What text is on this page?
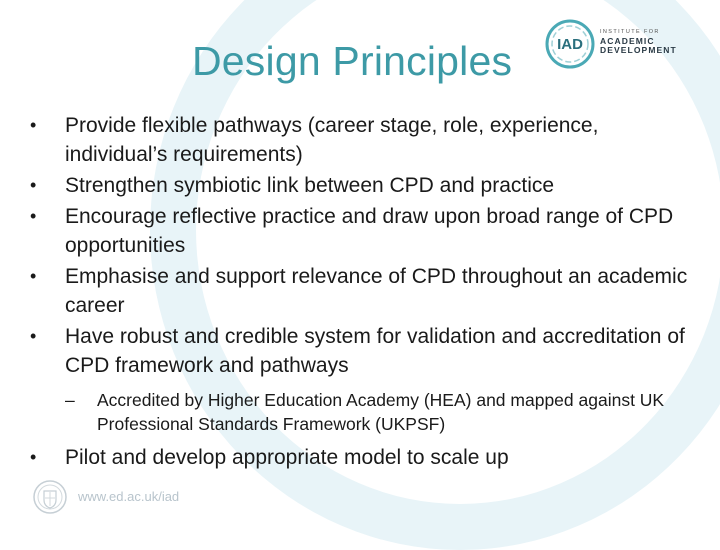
Design Principles	IAD
INSTITUTE FOR
ACADEMIC
DEVELOPMENT
• Provide flexible pathways (career stage, role, experience, individual’s requirements)
• Strengthen symbiotic link between CPD and practice
• Encourage reflective practice and draw upon broad range of CPD opportunities
• Emphasise and support relevance of CPD throughout an academic career
• Have robust and credible system for validation and accreditation of CPD framework and pathways
– Accredited by Higher Education Academy (HEA) and mapped against UK Professional Standards Framework (UKPSF)
• Pilot and develop appropriate model to scale up
www.ed.ac.uk/iad
